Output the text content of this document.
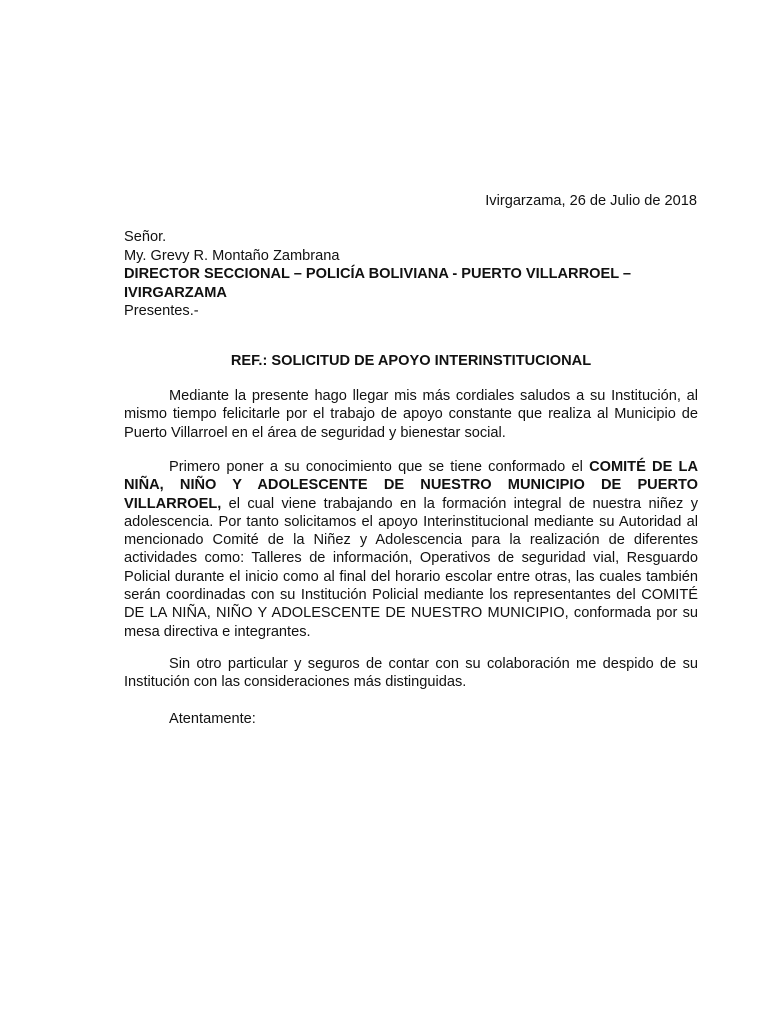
Ivirgarzama, 26 de Julio de 2018
Señor.
My. Grevy R. Montaño Zambrana
DIRECTOR SECCIONAL – POLICÍA BOLIVIANA - PUERTO VILLARROEL –
IVIRGARZAMA
Presentes.-
REF.: SOLICITUD DE APOYO INTERINSTITUCIONAL

Mediante la presente hago llegar mis más cordiales saludos a su Institución, al mismo tiempo felicitarle por el trabajo de apoyo constante que realiza al Municipio de Puerto Villarroel en el área de seguridad y bienestar social.

Primero poner a su conocimiento que se tiene conformado el COMITÉ DE LA NIÑA, NIÑO Y ADOLESCENTE DE NUESTRO MUNICIPIO DE PUERTO VILLARROEL, el cual viene trabajando en la formación integral de nuestra niñez y adolescencia. Por tanto solicitamos el apoyo Interinstitucional mediante su Autoridad al mencionado Comité de la Niñez y Adolescencia para la realización de diferentes actividades como: Talleres de información, Operativos de seguridad vial, Resguardo Policial durante el inicio como al final del horario escolar entre otras, las cuales también serán coordinadas con su Institución Policial mediante los representantes del COMITÉ DE LA NIÑA, NIÑO Y ADOLESCENTE DE NUESTRO MUNICIPIO, conformada por su mesa directiva e integrantes.

Sin otro particular y seguros de contar con su colaboración me despido de su Institución con las consideraciones más distinguidas.

Atentamente:
